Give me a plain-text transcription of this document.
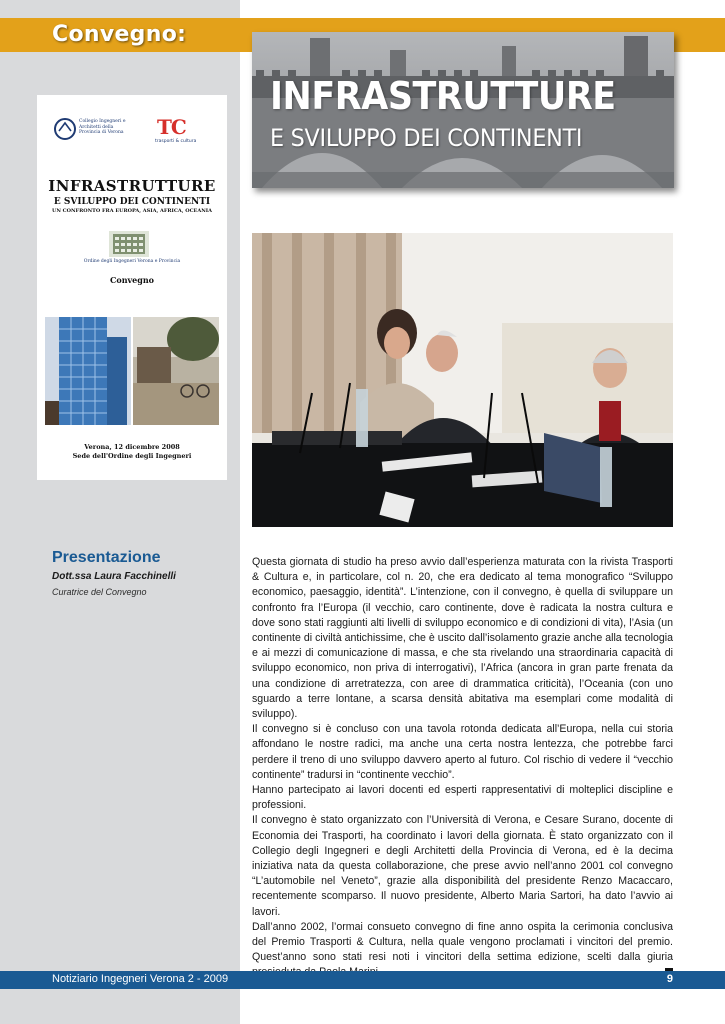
Convegno:
INFRASTRUTTURE
E SVILUPPO DEI CONTINENTI

Collegio Ingegneri e Architetti della Provincia di Verona TC

trasporti & cultura

INFRASTRUTTURE

E SVILUPPO DEI CONTINENTI

UN CONFRONTO FRA EUROPA, ASIA, AFRICA, OCEANIA

Ordine degli Ingegneri Verona e Provincia

Convegno

Verona, 12 dicembre 2008
Sede dell'Ordine degli Ingegneri

Presentazione

Dott.ssa Laura Facchinelli

Curatrice del Convegno

Questa giornata di studio ha preso avvio dall’esperienza maturata con la rivista Trasporti & Cultura e, in particolare, col n. 20, che era dedicato al tema monografico “Sviluppo economico, paesaggio, identità”. L’intenzione, con il convegno, è quella di sviluppare un confronto fra l’Europa (il vecchio, caro continente, dove è radicata la nostra cultura e dove sono stati raggiunti alti livelli di sviluppo economico e di condizioni di vita), l’Asia (un continente di civiltà antichissime, che è uscito dall’isolamento grazie anche alla tecnologia e ai mezzi di comunicazione di massa, e che sta rivelando una straordinaria capacità di sviluppo economico, non priva di interrogativi), l’Africa (ancora in gran parte frenata da una condizione di arretratezza, con aree di drammatica criticità), l’Oceania (con uno sguardo a terre lontane, a scarsa densità abitativa ma esemplari come modalità di sviluppo).

Il convegno si è concluso con una tavola rotonda dedicata all’Europa, nella cui storia affondano le nostre radici, ma anche una certa nostra lentezza, che potrebbe farci perdere il treno di uno sviluppo davvero aperto al futuro. Col rischio di vedere il “vecchio continente” tradursi in “continente vecchio”.

Hanno partecipato ai lavori docenti ed esperti rappresentativi di molteplici discipline e professioni.

Il convegno è stato organizzato con l’Università di Verona, e Cesare Surano, docente di Economia dei Trasporti, ha coordinato i lavori della giornata. È stato organizzato con il Collegio degli Ingegneri e degli Architetti della Provincia di Verona, ed è la decima iniziativa nata da questa collaborazione, che prese avvio nell’anno 2001 col convegno “L’automobile nel Veneto”, grazie alla disponibilità del presidente Renzo Macaccaro, recentemente scomparso. Il nuovo presidente, Alberto Maria Sartori, ha dato l’avvio ai lavori.

Dall’anno 2002, l’ormai consueto convegno di fine anno ospita la cerimonia conclusiva del Premio Trasporti & Cultura, nella quale vengono proclamati i vincitori del premio. Quest’anno sono stati resi noti i vincitori della settima edizione, scelti dalla giuria

Notiziario Ingegneri Verona 2 - 2009	9
